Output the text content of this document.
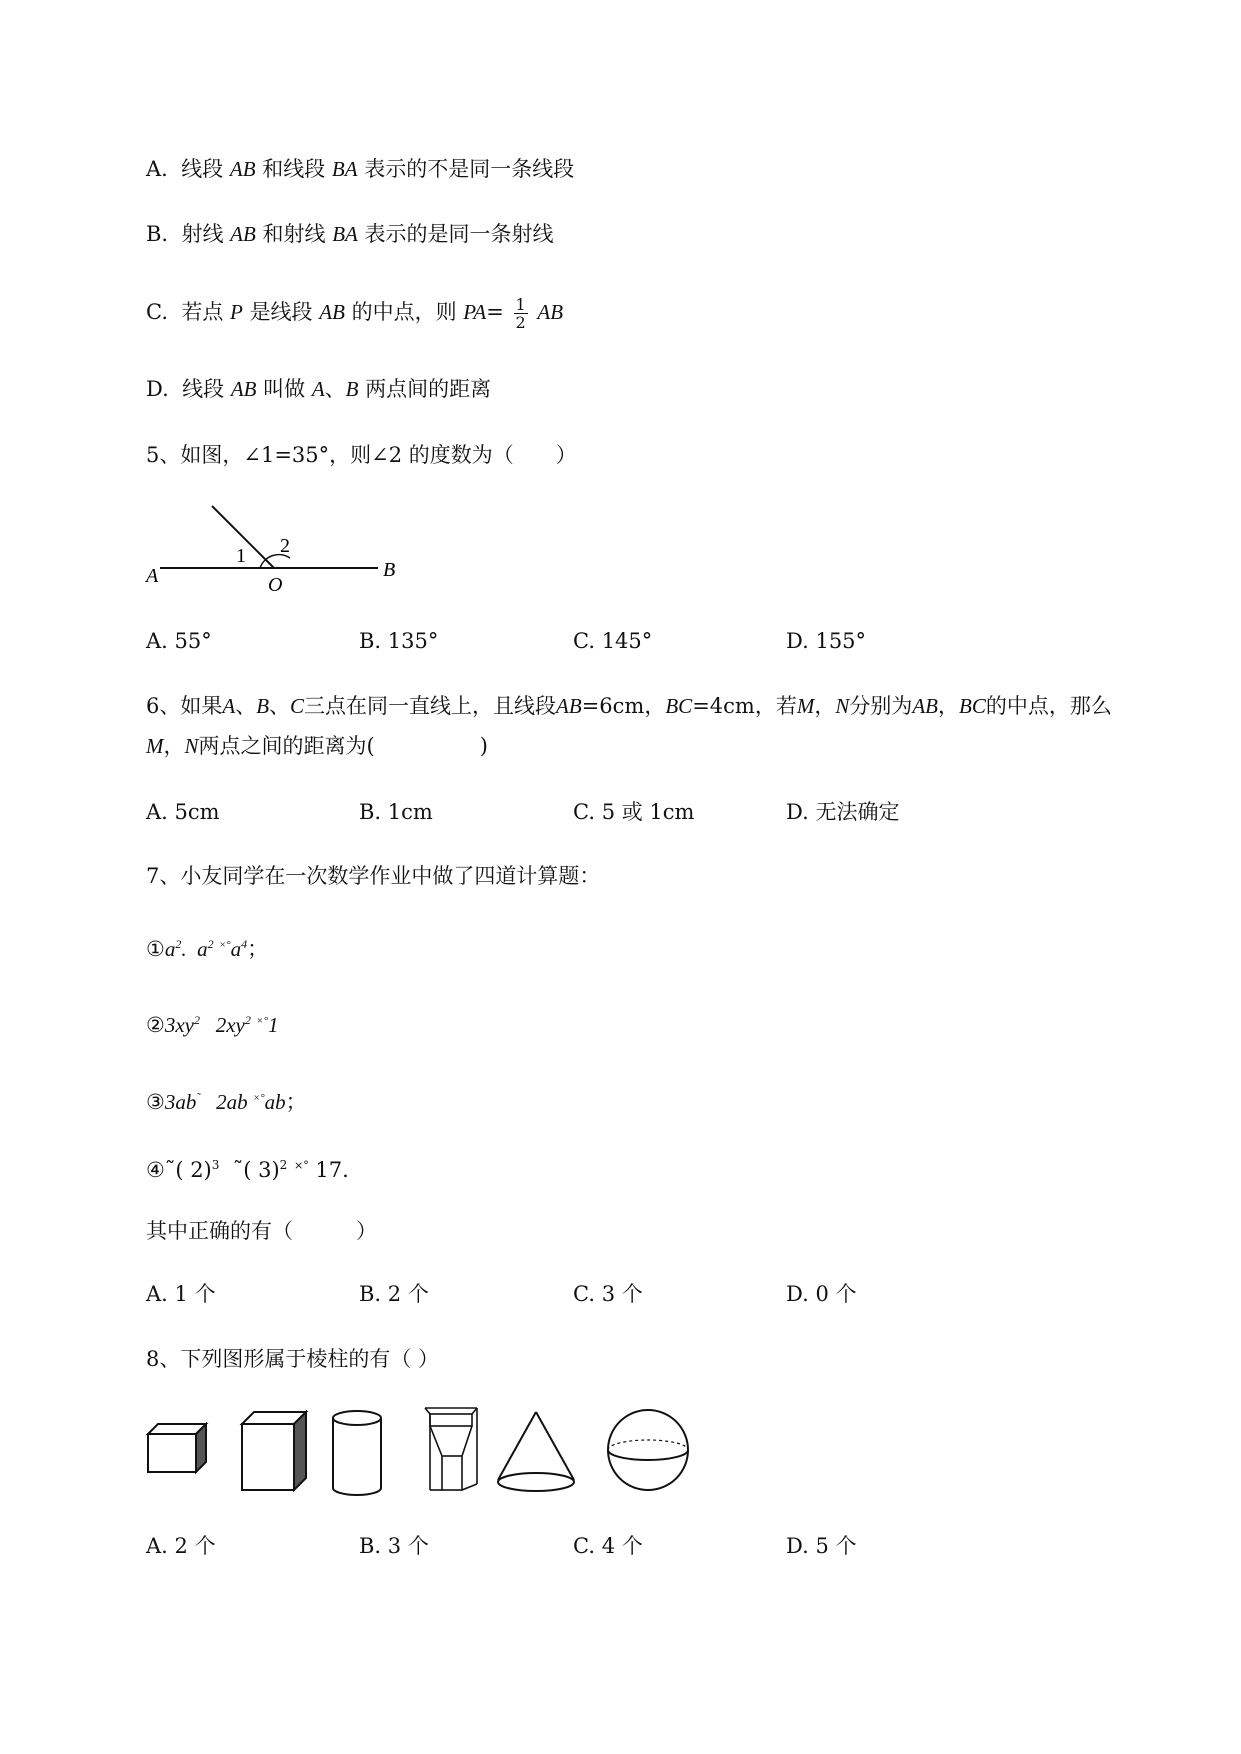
A. 线段 AB 和线段 BA 表示的不是同一条线段
B. 射线 AB 和射线 BA 表示的是同一条射线
C. 若点 P 是线段 AB 的中点，则 $PA= \frac{1}{2}$ AB
D. 线段 AB 叫做 A、B 两点间的距离
5、如图，∠1=35°，则∠2 的度数为（　　）
A	O
B
1 2
A. 55°	B. 135°	C. 145°	D. 155°
6、如果A、B、C三点在同一直线上，且线段AB=6cm，BC=4cm，若M，N分别为AB，BC的中点，那么
M，N两点之间的距离为(　　　　　)
A. 5cm	B. 1cm	C. 5 或 1cm	D. 无法确定
7、小友同学在一次数学作业中做了四道计算题：
$①a^2$. $a^2$ $^{\times^\circ}a^4$；
$②3xy^2$ $2xy^2$ ×°1
③3ab˜ 2ab ×°ab；
④˜( 2)$^3$ ˜( 3)$^2$ ×° 17.
其中正确的有（　　　）
A. 1 个	B. 2 个	C. 3 个	D. 0 个
8、下列图形属于棱柱的有（ ）
A. 2 个	B. 3 个	C. 4 个	D. 5 个
